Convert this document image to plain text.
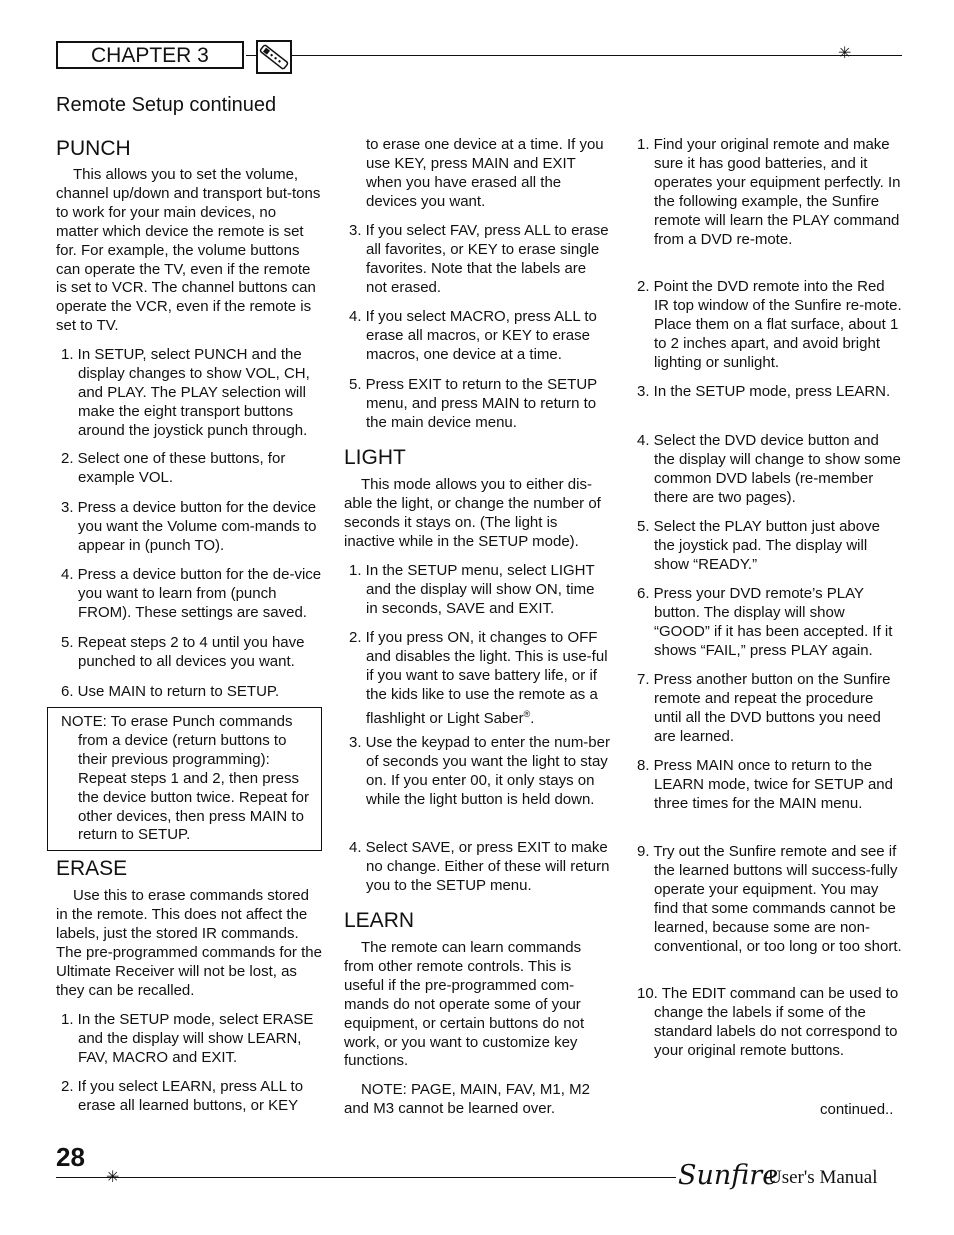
CHAPTER 3	✳
Remote Setup continued
PUNCH
This allows you to set the volume, channel up/down and transport but-tons to work for your main devices, no matter which device the remote is set for. For example, the volume buttons can operate the TV, even if the remote is set to VCR. The channel buttons can operate the VCR, even if the remote is set to TV.
1. In SETUP, select PUNCH and the display changes to show VOL, CH, and PLAY. The PLAY selection will make the eight transport buttons around the joystick punch through.
2. Select one of these buttons, for example VOL.
3. Press a device button for the device you want the Volume com-mands to appear in (punch TO).
4. Press a device button for the de-vice you want to learn from (punch FROM). These settings are saved.
5. Repeat steps 2 to 4 until you have punched to all devices you want.
6. Use MAIN to return to SETUP.
NOTE: To erase Punch commands from a device (return buttons to their previous programming): Repeat steps 1 and 2, then press the device button twice. Repeat for other devices, then press MAIN to return to SETUP.
ERASE
Use this to erase commands stored in the remote. This does not affect the labels, just the stored IR commands. The pre-programmed commands for the Ultimate Receiver will not be lost, as they can be recalled.
1. In the SETUP mode, select ERASE and the display will show LEARN, FAV, MACRO and EXIT.
2. If you select LEARN, press ALL to erase all learned buttons, or KEY
to erase one device at a time. If you use KEY, press MAIN and EXIT when you have erased all the devices you want.
3. If you select FAV, press ALL to erase all favorites, or KEY to erase single favorites. Note that the labels are not erased.
4. If you select MACRO, press ALL to erase all macros, or KEY to erase macros, one device at a time.
5. Press EXIT to return to the SETUP menu, and press MAIN to return to the main device menu.
LIGHT
This mode allows you to either dis-able the light, or change the number of seconds it stays on. (The light is inactive while in the SETUP mode).
1. In the SETUP menu, select LIGHT and the display will show ON, time in seconds, SAVE and EXIT.
2. If you press ON, it changes to OFF and disables the light. This is use-ful if you want to save battery life, or if the kids like to use the remote as a flashlight or Light Saber®.
3. Use the keypad to enter the num-ber of seconds you want the light to stay on. If you enter 00, it only stays on while the light button is held down.
4. Select SAVE, or press EXIT to make no change. Either of these will return you to the SETUP menu.
LEARN
The remote can learn commands from other remote controls. This is useful if the pre-programmed com-mands do not operate some of your equipment, or certain buttons do not work, or you want to customize key functions.
NOTE: PAGE, MAIN, FAV, M1, M2 and M3 cannot be learned over.
1. Find your original remote and make sure it has good batteries, and it operates your equipment perfectly. In the following example, the Sunfire remote will learn the PLAY command from a DVD re-mote.
2. Point the DVD remote into the Red IR top window of the Sunfire re-mote. Place them on a flat surface, about 1 to 2 inches apart, and avoid bright lighting or sunlight.
3. In the SETUP mode, press LEARN.
4. Select the DVD device button and the display will change to show some common DVD labels (re-member there are two pages).
5. Select the PLAY button just above the joystick pad. The display will show “READY.”
6. Press your DVD remote’s PLAY button. The display will show “GOOD” if it has been accepted. If it shows “FAIL,” press PLAY again.
7. Press another button on the Sunfire remote and repeat the procedure until all the DVD buttons you need are learned.
8. Press MAIN once to return to the LEARN mode, twice for SETUP and three times for the MAIN menu.
9. Try out the Sunfire remote and see if the learned buttons will success-fully operate your equipment. You may find that some commands cannot be learned, because some are non-conventional, or too long or too short.
10. The EDIT command can be used to change the labels if some of the standard labels do not correspond to your original remote buttons.
continued..
28
✳	Sunfire
User's Manual
